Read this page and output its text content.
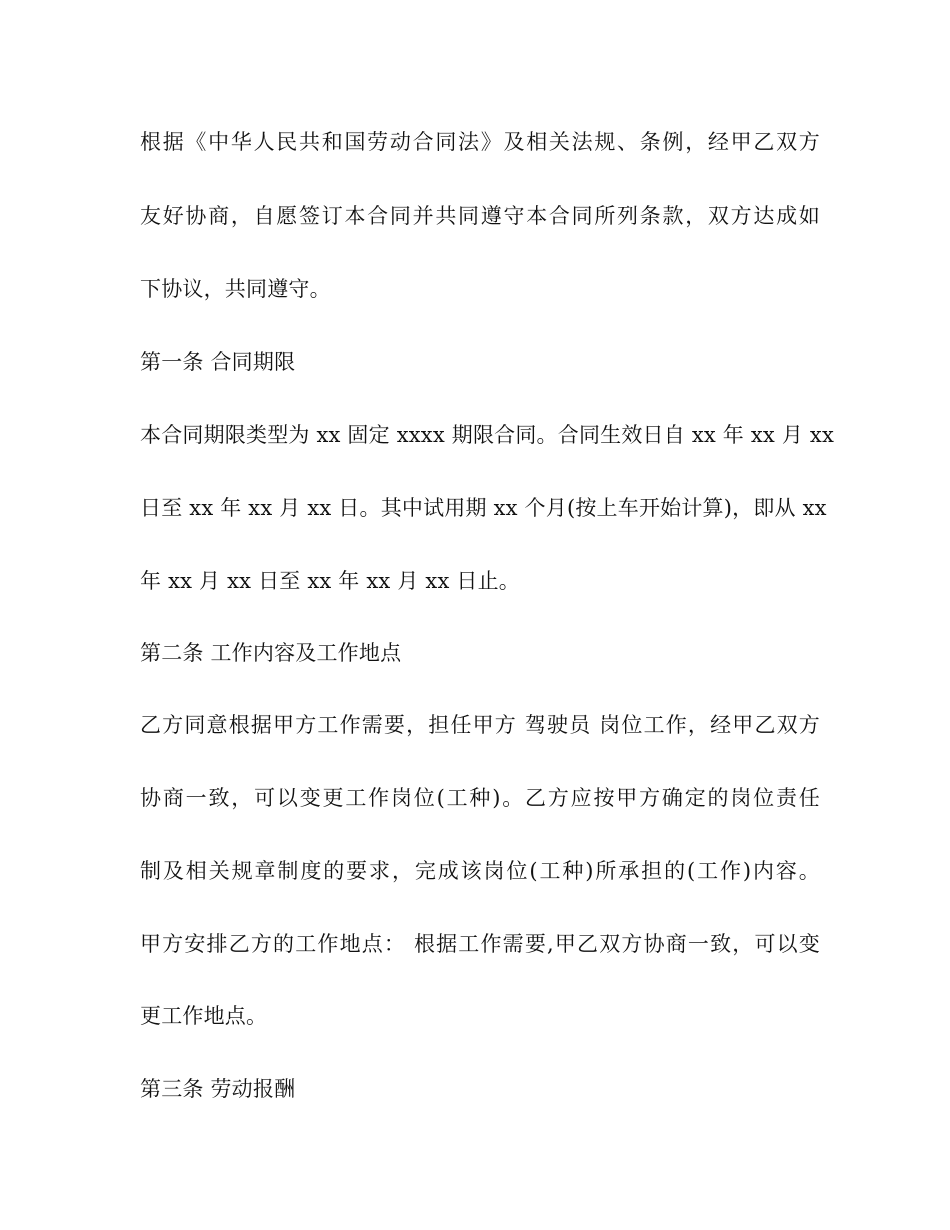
根据《中华人民共和国劳动合同法》及相关法规、条例，经甲乙双方
友好协商，自愿签订本合同并共同遵守本合同所列条款，双方达成如
下协议，共同遵守。
第一条 合同期限
本合同期限类型为 xx 固定 xxxx 期限合同。合同生效日自 xx 年 xx 月 xx
日至 xx 年 xx 月 xx 日。其中试用期 xx 个月(按上车开始计算)，即从 xx
年 xx 月 xx 日至 xx 年 xx 月 xx 日止。
第二条 工作内容及工作地点
乙方同意根据甲方工作需要，担任甲方 驾驶员 岗位工作，经甲乙双方
协商一致，可以变更工作岗位(工种)。乙方应按甲方确定的岗位责任
制及相关规章制度的要求，完成该岗位(工种)所承担的(工作)内容。
甲方安排乙方的工作地点： 根据工作需要,甲乙双方协商一致，可以变
更工作地点。
第三条 劳动报酬
